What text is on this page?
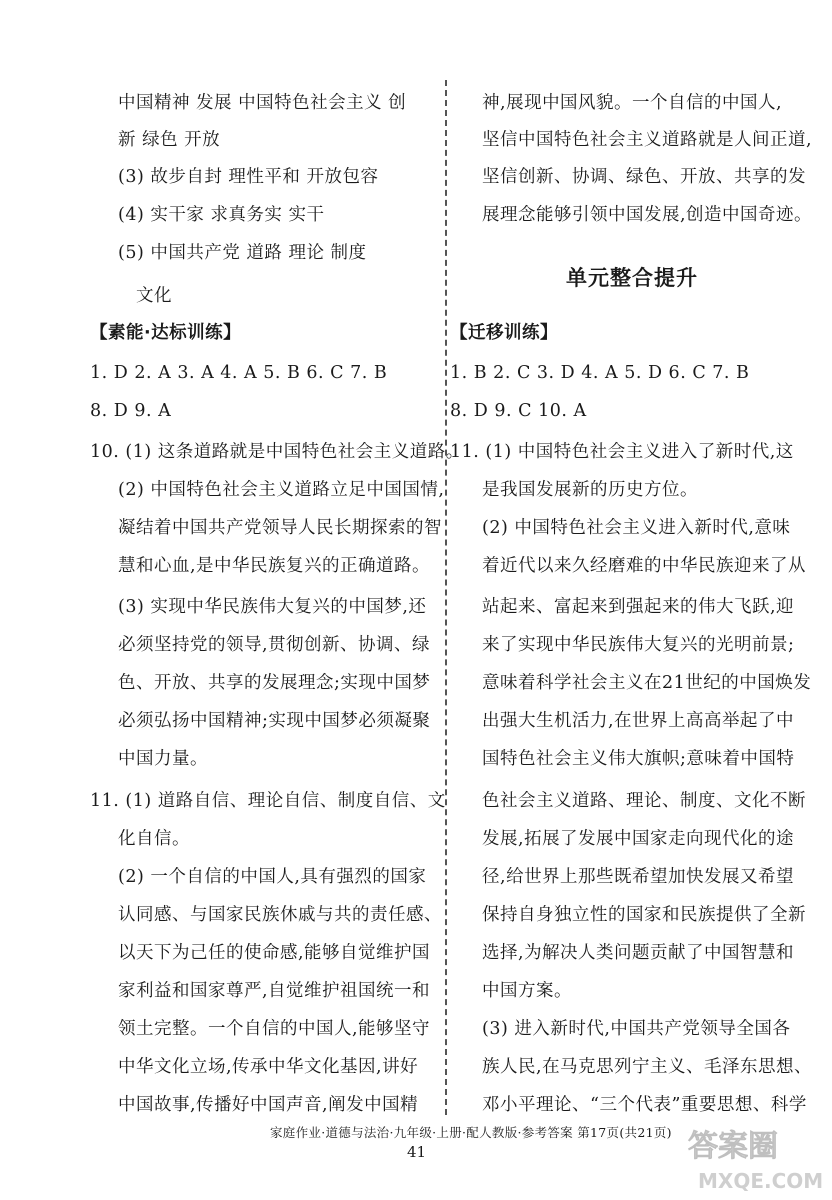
中国精神 发展 中国特色社会主义 创
新 绿色 开放
(3) 故步自封 理性平和 开放包容
(4) 实干家 求真务实 实干
(5) 中国共产党 道路 理论 制度
文化
【素能·达标训练】
1. D 2. A 3. A 4. A 5. B 6. C 7. B
8. D 9. A
10. (1) 这条道路就是中国特色社会主义道路。
(2) 中国特色社会主义道路立足中国国情,
凝结着中国共产党领导人民长期探索的智
慧和心血,是中华民族复兴的正确道路。
(3) 实现中华民族伟大复兴的中国梦,还
必须坚持党的领导,贯彻创新、协调、绿
色、开放、共享的发展理念;实现中国梦
必须弘扬中国精神;实现中国梦必须凝聚
中国力量。
11. (1) 道路自信、理论自信、制度自信、文
化自信。
(2) 一个自信的中国人,具有强烈的国家
认同感、与国家民族休戚与共的责任感、
以天下为己任的使命感,能够自觉维护国
家利益和国家尊严,自觉维护祖国统一和
领土完整。一个自信的中国人,能够坚守
中华文化立场,传承中华文化基因,讲好
中国故事,传播好中国声音,阐发中国精
神,展现中国风貌。一个自信的中国人,
坚信中国特色社会主义道路就是人间正道,
坚信创新、协调、绿色、开放、共享的发
展理念能够引领中国发展,创造中国奇迹。
单元整合提升
【迁移训练】
1. B 2. C 3. D 4. A 5. D 6. C 7. B
8. D 9. C 10. A
11. (1) 中国特色社会主义进入了新时代,这
是我国发展新的历史方位。
(2) 中国特色社会主义进入新时代,意味
着近代以来久经磨难的中华民族迎来了从
站起来、富起来到强起来的伟大飞跃,迎
来了实现中华民族伟大复兴的光明前景;
意味着科学社会主义在21世纪的中国焕发
出强大生机活力,在世界上高高举起了中
国特色社会主义伟大旗帜;意味着中国特
色社会主义道路、理论、制度、文化不断
发展,拓展了发展中国家走向现代化的途
径,给世界上那些既希望加快发展又希望
保持自身独立性的国家和民族提供了全新
选择,为解决人类问题贡献了中国智慧和
中国方案。
(3) 进入新时代,中国共产党领导全国各
族人民,在马克思列宁主义、毛泽东思想、
邓小平理论、“三个代表”重要思想、科学
家庭作业·道德与法治·九年级·上册·配人教版·参考答案 第17页(共21页)
41	答案圈
MXQE.COM
